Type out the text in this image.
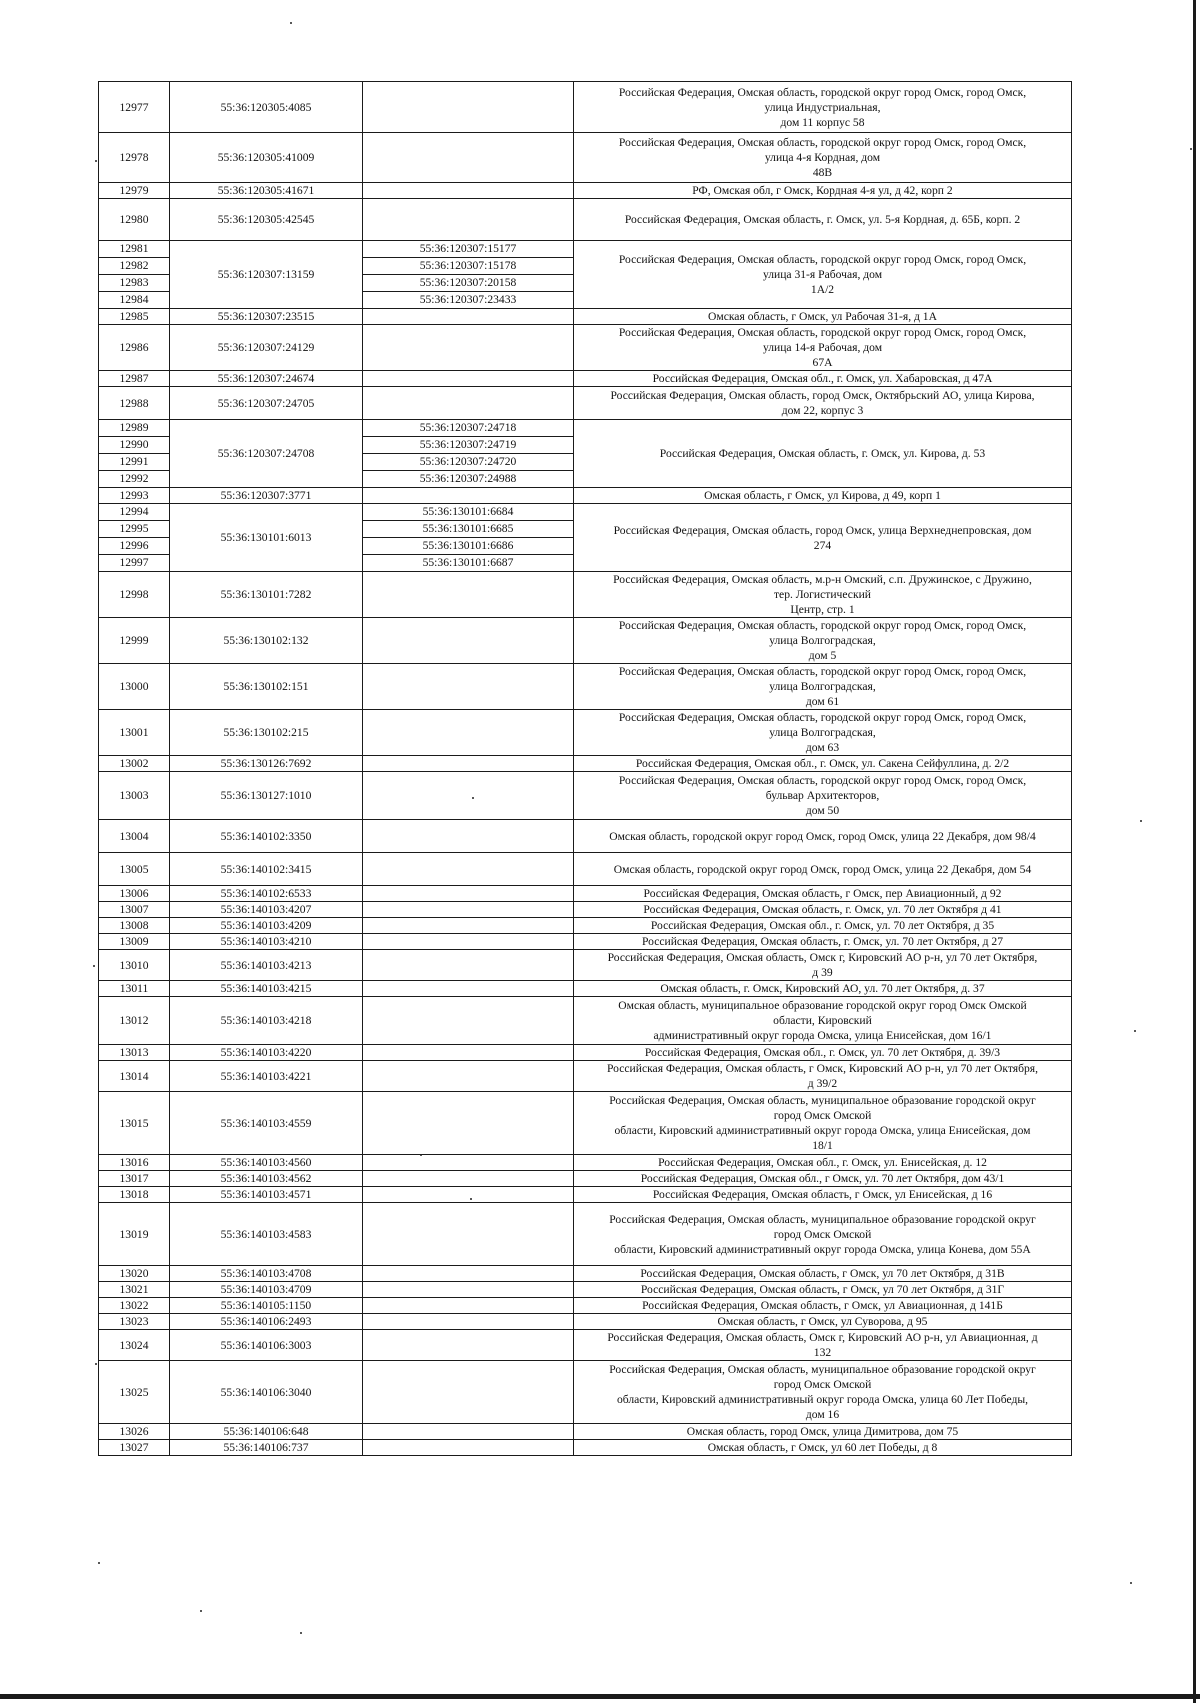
12977	55:36:120305:4085		Российская Федерация, Омская область, городской округ город Омск, город Омск,
улица Индустриальная,
дом 11 корпус 58

12978	55:36:120305:41009		Российская Федерация, Омская область, городской округ город Омск, город Омск,
улица 4-я Кордная, дом
48В

12979	55:36:120305:41671		РФ, Омская обл, г Омск, Кордная 4-я ул, д 42, корп 2

12980	55:36:120305:42545		Российская Федерация, Омская область, г. Омск, ул. 5-я Кордная, д. 65Б, корп. 2

12981	55:36:120307:13159	55:36:120307:15177	Российская Федерация, Омская область, городской округ город Омск, город Омск,
улица 31-я Рабочая, дом
1А/2

12982		55:36:120307:15178	
12983		55:36:120307:20158	
12984		55:36:120307:23433	
12985	55:36:120307:23515		Омская область, г Омск, ул Рабочая 31-я, д 1А

12986	55:36:120307:24129		Российская Федерация, Омская область, городской округ город Омск, город Омск,
улица 14-я Рабочая, дом
67А

12987	55:36:120307:24674		Российская Федерация, Омская обл., г. Омск, ул. Хабаровская, д 47А

12988	55:36:120307:24705		Российская Федерация, Омская область, город Омск, Октябрьский АО, улица Кирова,
дом 22, корпус 3

12989	55:36:120307:24708	55:36:120307:24718	Российская Федерация, Омская область, г. Омск, ул. Кирова, д. 53

12990		55:36:120307:24719	
12991		55:36:120307:24720	
12992		55:36:120307:24988	
12993	55:36:120307:3771		Омская область, г Омск, ул Кирова, д 49, корп 1

12994	55:36:130101:6013	55:36:130101:6684	Российская Федерация, Омская область, город Омск, улица Верхнеднепровская, дом
274

12995		55:36:130101:6685	
12996		55:36:130101:6686	
12997		55:36:130101:6687	
12998	55:36:130101:7282		Российская Федерация, Омская область, м.р-н Омский, с.п. Дружинское, с Дружино,
тер. Логистический
Центр, стр. 1

12999	55:36:130102:132		Российская Федерация, Омская область, городской округ город Омск, город Омск,
улица Волгоградская,
дом 5

13000	55:36:130102:151		Российская Федерация, Омская область, городской округ город Омск, город Омск,
улица Волгоградская,
дом 61

13001	55:36:130102:215		Российская Федерация, Омская область, городской округ город Омск, город Омск,
улица Волгоградская,
дом 63

13002	55:36:130126:7692		Российская Федерация, Омская обл., г. Омск, ул. Сакена Сейфуллина, д. 2/2

13003	55:36:130127:1010		Российская Федерация, Омская область, городской округ город Омск, город Омск,
бульвар Архитекторов,
дом 50

13004	55:36:140102:3350		Омская область, городской округ город Омск, город Омск, улица 22 Декабря, дом 98/4

13005	55:36:140102:3415		Омская область, городской округ город Омск, город Омск, улица 22 Декабря, дом 54

13006	55:36:140102:6533		Российская Федерация, Омская область, г Омск, пер Авиационный, д 92

13007	55:36:140103:4207		Российская Федерация, Омская область, г. Омск, ул. 70 лет Октября д 41

13008	55:36:140103:4209		Российская Федерация, Омская обл., г. Омск, ул. 70 лет Октября, д 35

13009	55:36:140103:4210		Российская Федерация, Омская область, г. Омск, ул. 70 лет Октября, д 27

13010	55:36:140103:4213		Российская Федерация, Омская область, Омск г, Кировский АО р-н, ул 70 лет Октября,
д 39

13011	55:36:140103:4215		Омская область, г. Омск, Кировский АО, ул. 70 лет Октября, д. 37

13012	55:36:140103:4218		Омская область, муниципальное образование городской округ город Омск Омской
области, Кировский
административный округ города Омска, улица Енисейская, дом 16/1

13013	55:36:140103:4220		Российская Федерация, Омская обл., г. Омск, ул. 70 лет Октября, д. 39/3

13014	55:36:140103:4221		Российская Федерация, Омская область, г Омск, Кировский АО р-н, ул 70 лет Октября,
д 39/2

13015	55:36:140103:4559		Российская Федерация, Омская область, муниципальное образование городской округ
город Омск Омской
области, Кировский административный округ города Омска, улица Енисейская, дом
18/1

13016	55:36:140103:4560		Российская Федерация, Омская обл., г. Омск, ул. Енисейская, д. 12

13017	55:36:140103:4562		Российская Федерация, Омская обл., г Омск, ул. 70 лет Октября, дом 43/1

13018	55:36:140103:4571		Российская Федерация, Омская область, г Омск, ул Енисейская, д 16

13019	55:36:140103:4583		Российская Федерация, Омская область, муниципальное образование городской округ
город Омск Омской
области, Кировский административный округ города Омска, улица Конева, дом 55А

13020	55:36:140103:4708		Российская Федерация, Омская область, г Омск, ул 70 лет Октября, д 31В

13021	55:36:140103:4709		Российская Федерация, Омская область, г Омск, ул 70 лет Октября, д 31Г

13022	55:36:140105:1150		Российская Федерация, Омская область, г Омск, ул Авиационная, д 141Б

13023	55:36:140106:2493		Омская область, г Омск, ул Суворова, д 95

13024	55:36:140106:3003		Российская Федерация, Омская область, Омск г, Кировский АО р-н, ул Авиационная, д
132

13025	55:36:140106:3040		Российская Федерация, Омская область, муниципальное образование городской округ
город Омск Омской
области, Кировский административный округ города Омска, улица 60 Лет Победы,
дом 16

13026	55:36:140106:648		Омская область, город Омск, улица Димитрова, дом 75

13027	55:36:140106:737		Омская область, г Омск, ул 60 лет Победы, д 8
